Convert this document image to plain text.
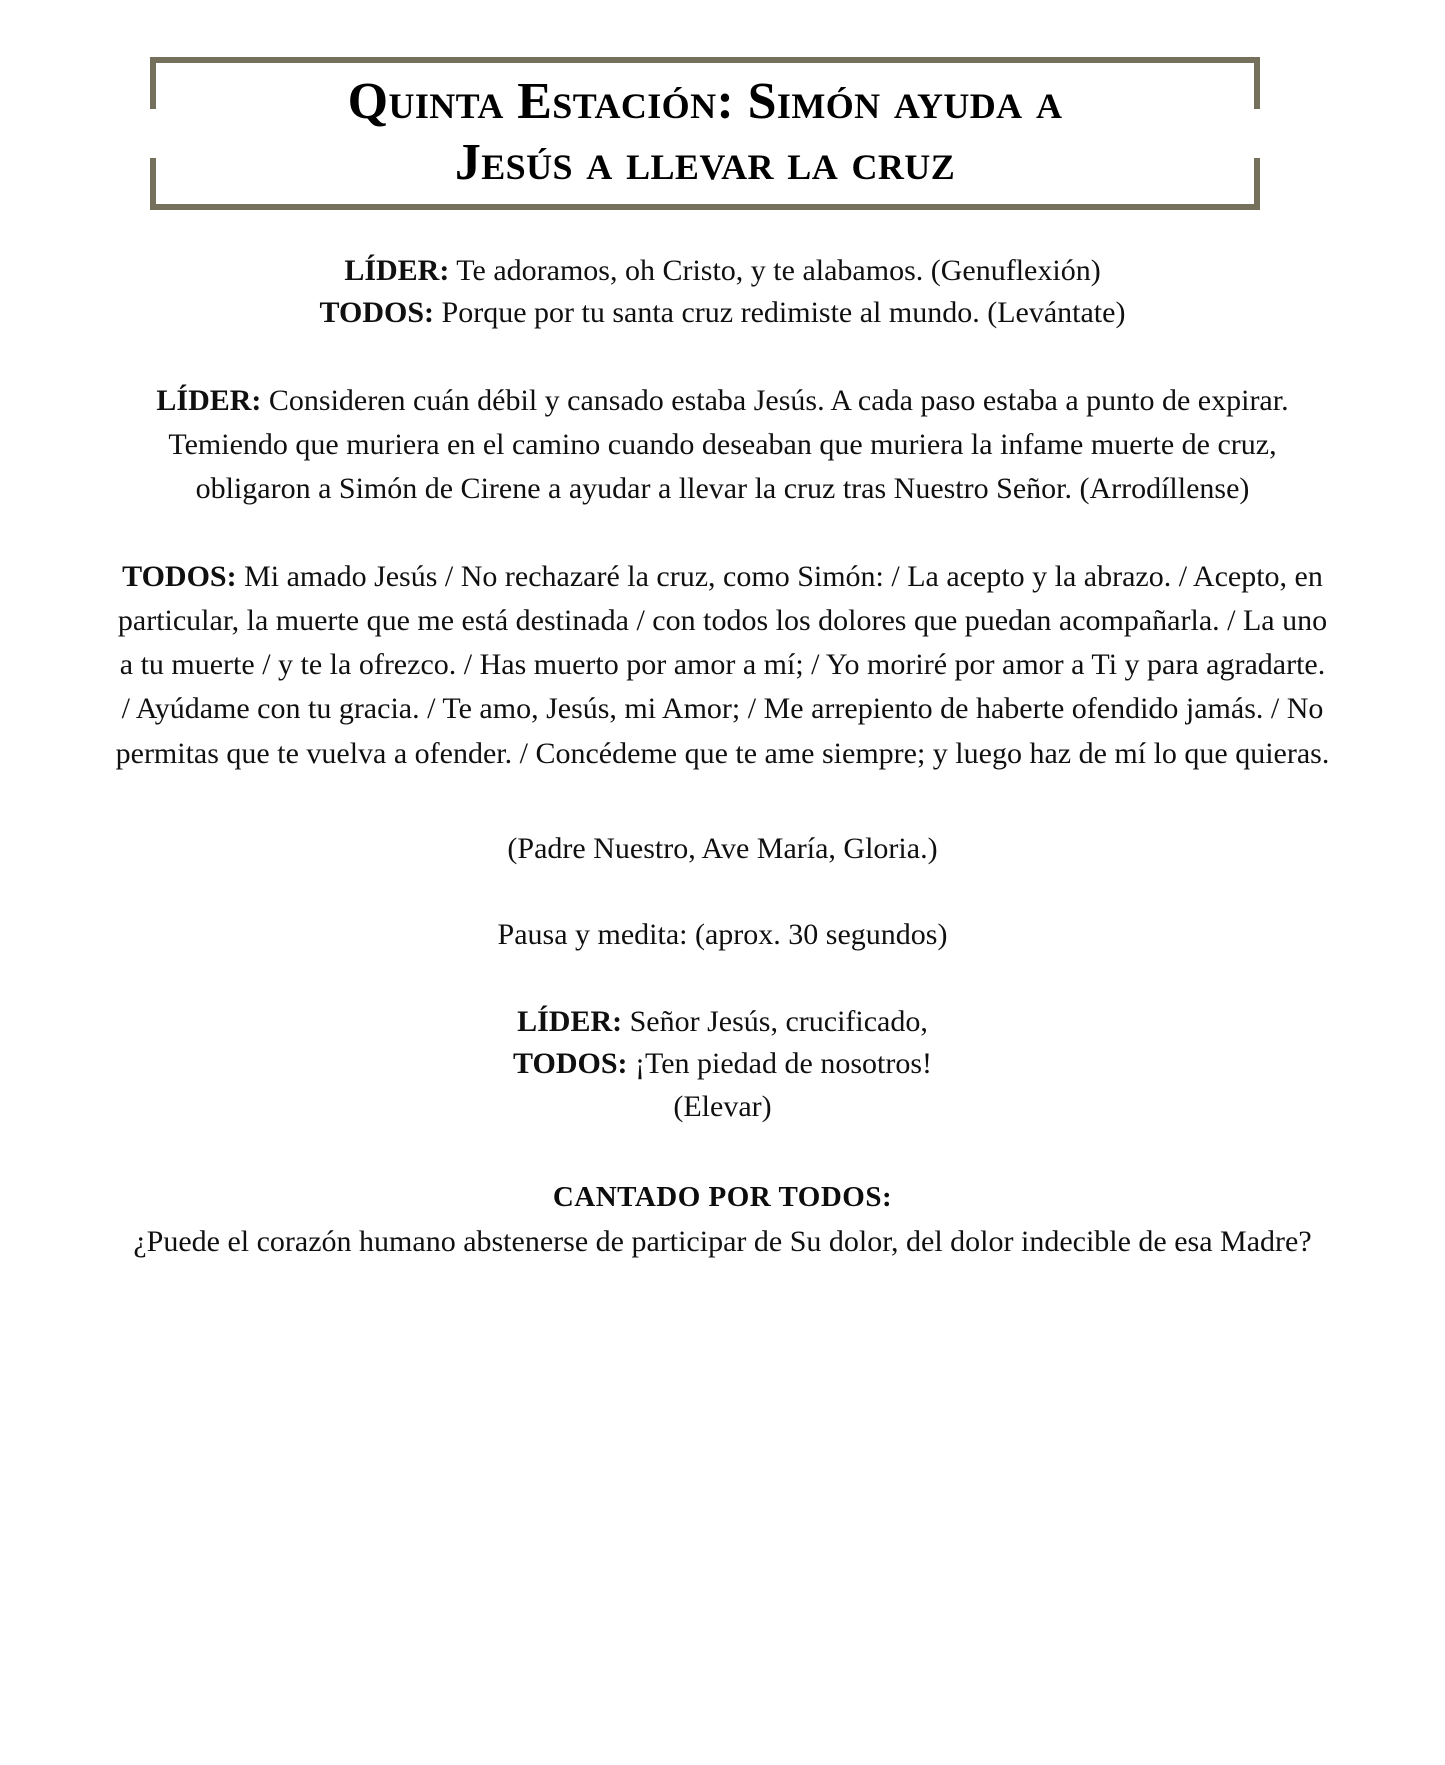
Quinta Estación: Simón ayuda a
Jesús a llevar la cruz

LÍDER: Te adoramos, oh Cristo, y te alabamos. (Genuflexión)

TODOS: Porque por tu santa cruz redimiste al mundo. (Levántate)

LÍDER: Consideren cuán débil y cansado estaba Jesús. A cada paso estaba a punto de expirar. Temiendo que muriera en el camino cuando deseaban que muriera la infame muerte de cruz, obligaron a Simón de Cirene a ayudar a llevar la cruz tras Nuestro Señor. (Arrodíllense)

TODOS: Mi amado Jesús / No rechazaré la cruz, como Simón: / La acepto y la abrazo. / Acepto, en particular, la muerte que me está destinada / con todos los dolores que puedan acompañarla. / La uno a tu muerte / y te la ofrezco. / Has muerto por amor a mí; / Yo moriré por amor a Ti y para agradarte. / Ayúdame con tu gracia. / Te amo, Jesús, mi Amor; / Me arrepiento de haberte ofendido jamás. / No permitas que te vuelva a ofender. / Concédeme que te ame siempre; y luego haz de mí lo que quieras.

(Padre Nuestro, Ave María, Gloria.)

Pausa y medita: (aprox. 30 segundos)

LÍDER: Señor Jesús, crucificado,

TODOS: ¡Ten piedad de nosotros!

(Elevar)

CANTADO POR TODOS:

¿Puede el corazón humano abstenerse de participar de Su dolor, del dolor indecible de esa Madre?
